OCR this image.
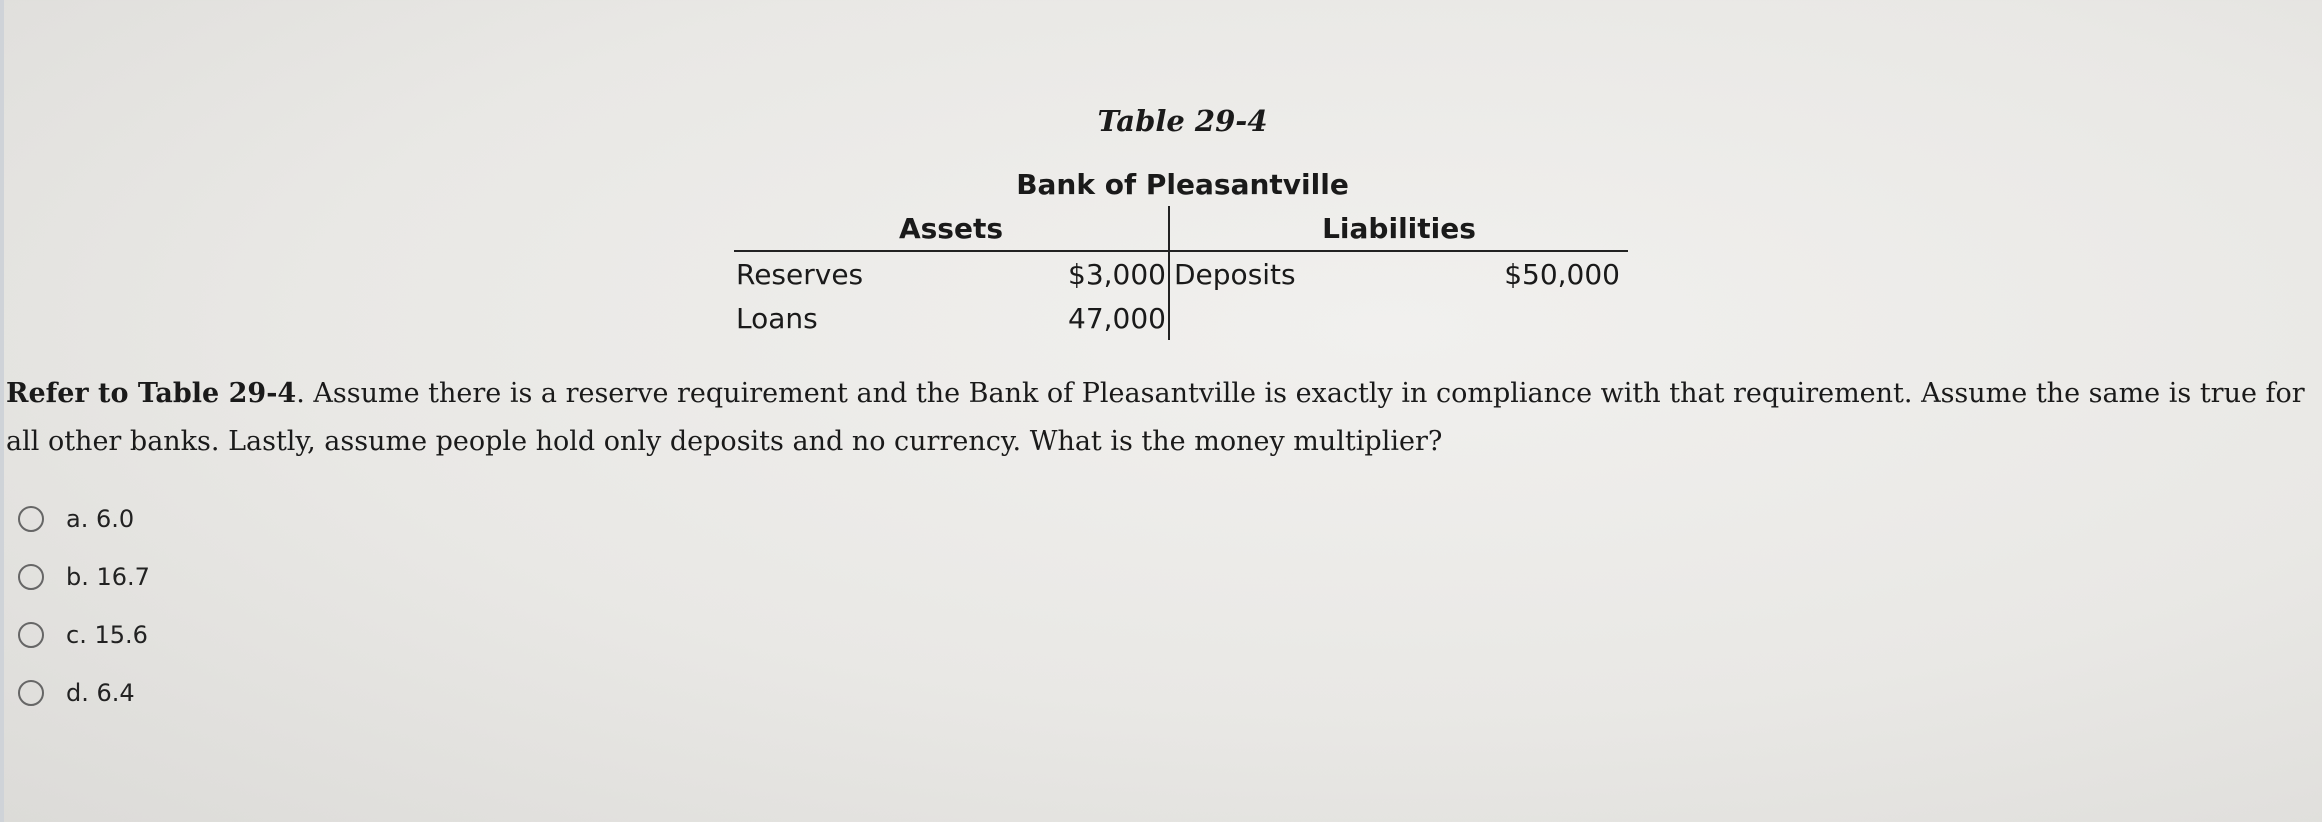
Table 29-4
Bank of Pleasantville
Assets	Liabilities
Reserves	$3,000 Deposits	$50,000
Loans	47,000
Refer to Table 29-4. Assume there is a reserve requirement and the Bank of Pleasantville is exactly in compliance with that requirement. Assume the same is true for all other banks. Lastly, assume people hold only deposits and no currency. What is the money multiplier?
a. 6.0
b. 16.7
c. 15.6
d. 6.4
